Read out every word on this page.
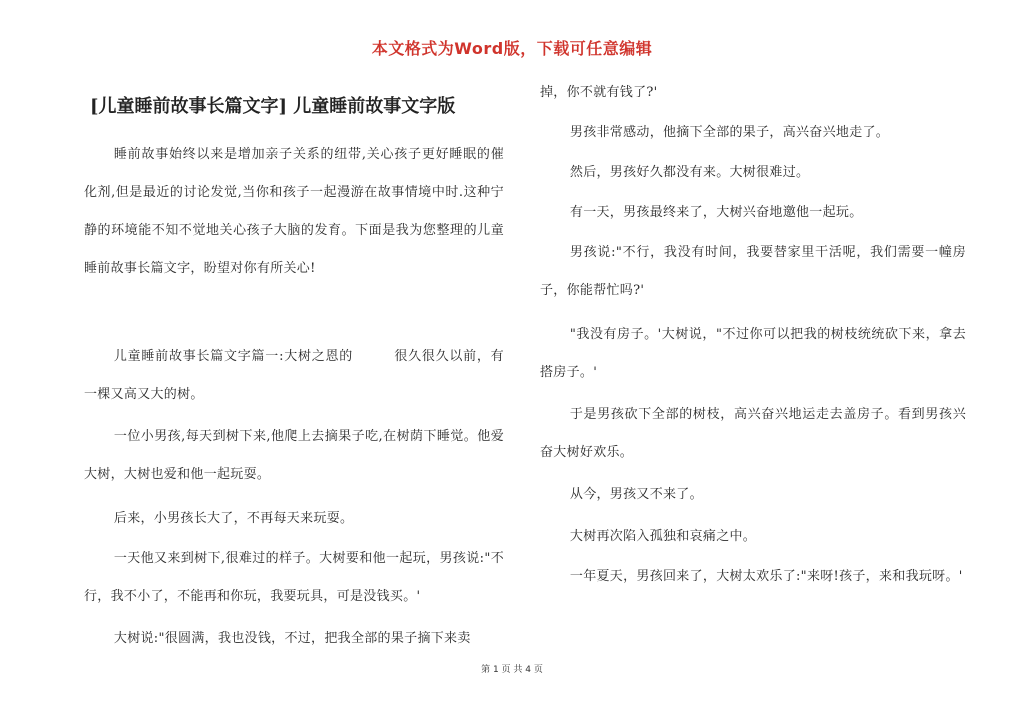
本文格式为Word版，下载可任意编辑
[儿童睡前故事长篇文字] 儿童睡前故事文字版
睡前故事始终以来是增加亲子关系的纽带,关心孩子更好睡眠的催化剂,但是最近的讨论发觉,当你和孩子一起漫游在故事情境中时.这种宁静的环境能不知不觉地关心孩子大脑的发育。下面是我为您整理的儿童睡前故事长篇文字，盼望对你有所关心!
儿童睡前故事长篇文字篇一:大树之恩的　　　很久很久以前，有一棵又高又大的树。
一位小男孩,每天到树下来,他爬上去摘果子吃,在树荫下睡觉。他爱大树，大树也爱和他一起玩耍。
后来，小男孩长大了，不再每天来玩耍。
一天他又来到树下,很难过的样子。大树要和他一起玩，男孩说:"不行，我不小了，不能再和你玩，我要玩具，可是没钱买。'
大树说:"很圆满，我也没钱，不过，把我全部的果子摘下来卖
掉，你不就有钱了?'
男孩非常感动，他摘下全部的果子，高兴奋兴地走了。
然后，男孩好久都没有来。大树很难过。
有一天，男孩最终来了，大树兴奋地邀他一起玩。
男孩说:"不行，我没有时间，我要替家里干活呢，我们需要一幢房子，你能帮忙吗?'
"我没有房子。'大树说，"不过你可以把我的树枝统统砍下来，拿去搭房子。'
于是男孩砍下全部的树枝，高兴奋兴地运走去盖房子。看到男孩兴奋大树好欢乐。
从今，男孩又不来了。
大树再次陷入孤独和哀痛之中。
一年夏天，男孩回来了，大树太欢乐了:"来呀!孩子，来和我玩呀。'
第 1 页 共 4 页
